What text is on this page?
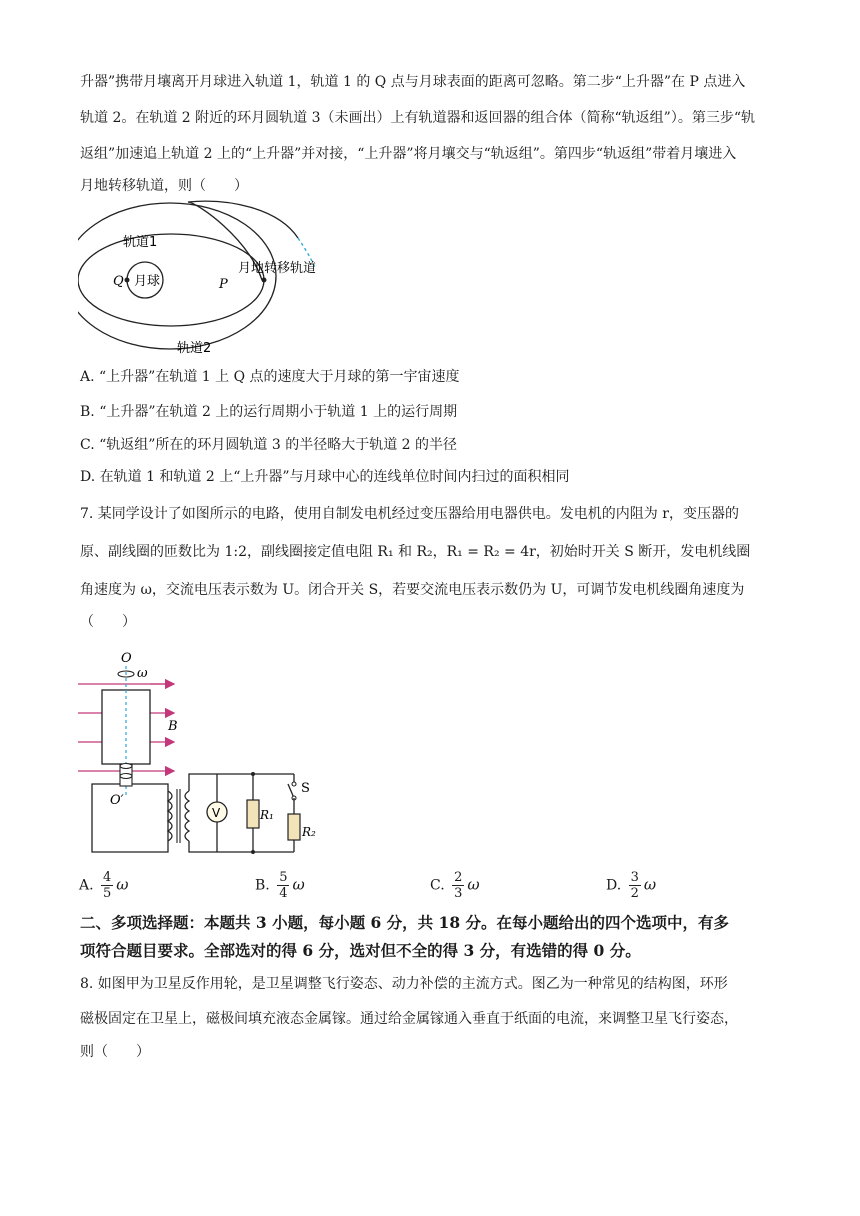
升器”携带月壤离开月球进入轨道 1，轨道 1 的 Q 点与月球表面的距离可忽略。第二步“上升器”在 P 点进入
轨道 2。在轨道 2 附近的环月圆轨道 3（未画出）上有轨道器和返回器的组合体（简称“轨返组”）。第三步“轨
返组”加速追上轨道 2 上的“上升器”并对接，“上升器”将月壤交与“轨返组”。第四步“轨返组”带着月壤进入
月地转移轨道，则（　　）
轨道1
轨道2
月球
Q	P
月地转移轨道
A. “上升器”在轨道 1 上 Q 点的速度大于月球的第一宇宙速度
B. “上升器”在轨道 2 上的运行周期小于轨道 1 上的运行周期
C. “轨返组”所在的环月圆轨道 3 的半径略大于轨道 2 的半径
D. 在轨道 1 和轨道 2 上“上升器”与月球中心的连线单位时间内扫过的面积相同
7. 某同学设计了如图所示的电路，使用自制发电机经过变压器给用电器供电。发电机的内阻为 r，变压器的
原、副线圈的匝数比为 1:2，副线圈接定值电阻 R₁ 和 R₂，R₁ = R₂ = 4r，初始时开关 S 断开，发电机线圈
角速度为 ω，交流电压表示数为 U。闭合开关 S，若要交流电压表示数仍为 U，可调节发电机线圈角速度为
（　　）
O
ω
B
O′
V	R₁
S
R₂
A. $\frac{4}{5}$ ω	B. $\frac{5}{4}$ ω	C. $\frac{2}{3}$ ω	D. $\frac{3}{2}$ ω
二、多项选择题：本题共 3 小题，每小题 6 分，共 18 分。在每小题给出的四个选项中，有多
项符合题目要求。全部选对的得 6 分，选对但不全的得 3 分，有选错的得 0 分。
8. 如图甲为卫星反作用轮，是卫星调整飞行姿态、动力补偿的主流方式。图乙为一种常见的结构图，环形
磁极固定在卫星上，磁极间填充液态金属镓。通过给金属镓通入垂直于纸面的电流，来调整卫星飞行姿态，
则（　　）
